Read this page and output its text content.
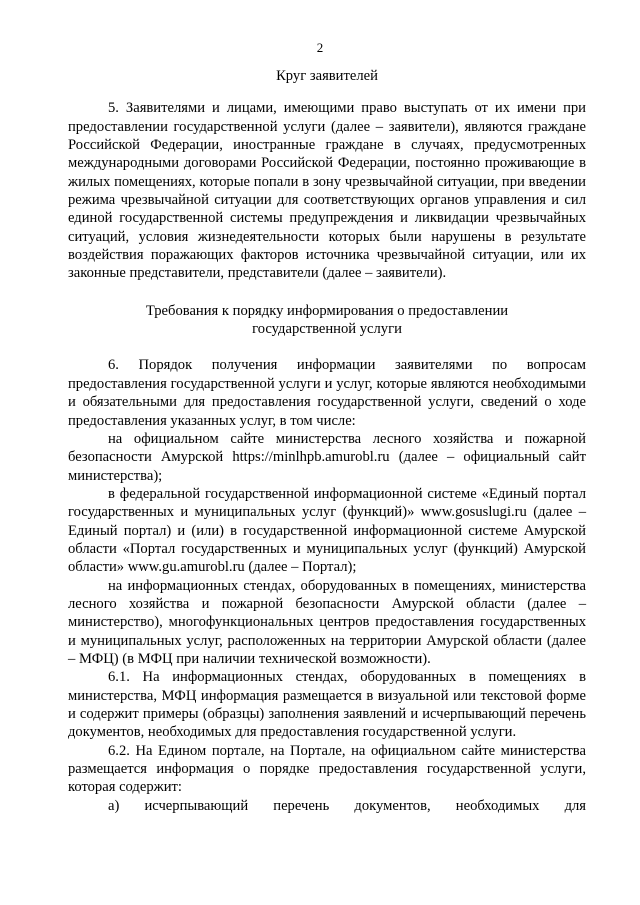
2

Круг заявителей

5. Заявителями и лицами, имеющими право выступать от их имени при предоставлении государственной услуги (далее – заявители), являются граждане Российской Федерации, иностранные граждане в случаях, предусмотренных международными договорами Российской Федерации, постоянно проживающие в жилых помещениях, которые попали в зону чрезвычайной ситуации, при введении режима чрезвычайной ситуации для соответствующих органов управления и сил единой государственной системы предупреждения и ликвидации чрезвычайных ситуаций, условия жизнедеятельности которых были нарушены в результате воздействия поражающих факторов источника чрезвычайной ситуации, или их законные представители, представители (далее – заявители).

Требования к порядку информирования о предоставлении
государственной услуги

6. Порядок получения информации заявителями по вопросам предоставления государственной услуги и услуг, которые являются необходимыми и обязательными для предоставления государственной услуги, сведений о ходе предоставления указанных услуг, в том числе:

на официальном сайте министерства лесного хозяйства и пожарной безопасности Амурской https://minlhpb.amurobl.ru (далее – официальный сайт министерства);

в федеральной государственной информационной системе «Единый портал государственных и муниципальных услуг (функций)» www.gosuslugi.ru (далее – Единый портал) и (или) в государственной информационной системе Амурской области «Портал государственных и муниципальных услуг (функций) Амурской области» www.gu.amurobl.ru (далее – Портал);

на информационных стендах, оборудованных в помещениях, министерства лесного хозяйства и пожарной безопасности Амурской области (далее – министерство), многофункциональных центров предоставления государственных и муниципальных услуг, расположенных на территории Амурской области (далее – МФЦ) (в МФЦ при наличии технической возможности).

6.1. На информационных стендах, оборудованных в помещениях в министерства, МФЦ информация размещается в визуальной или текстовой форме и содержит примеры (образцы) заполнения заявлений и исчерпывающий перечень документов, необходимых для предоставления государственной услуги.

6.2. На Едином портале, на Портале, на официальном сайте министерства размещается информация о порядке предоставления государственной услуги, которая содержит:

а) исчерпывающий перечень документов, необходимых для
